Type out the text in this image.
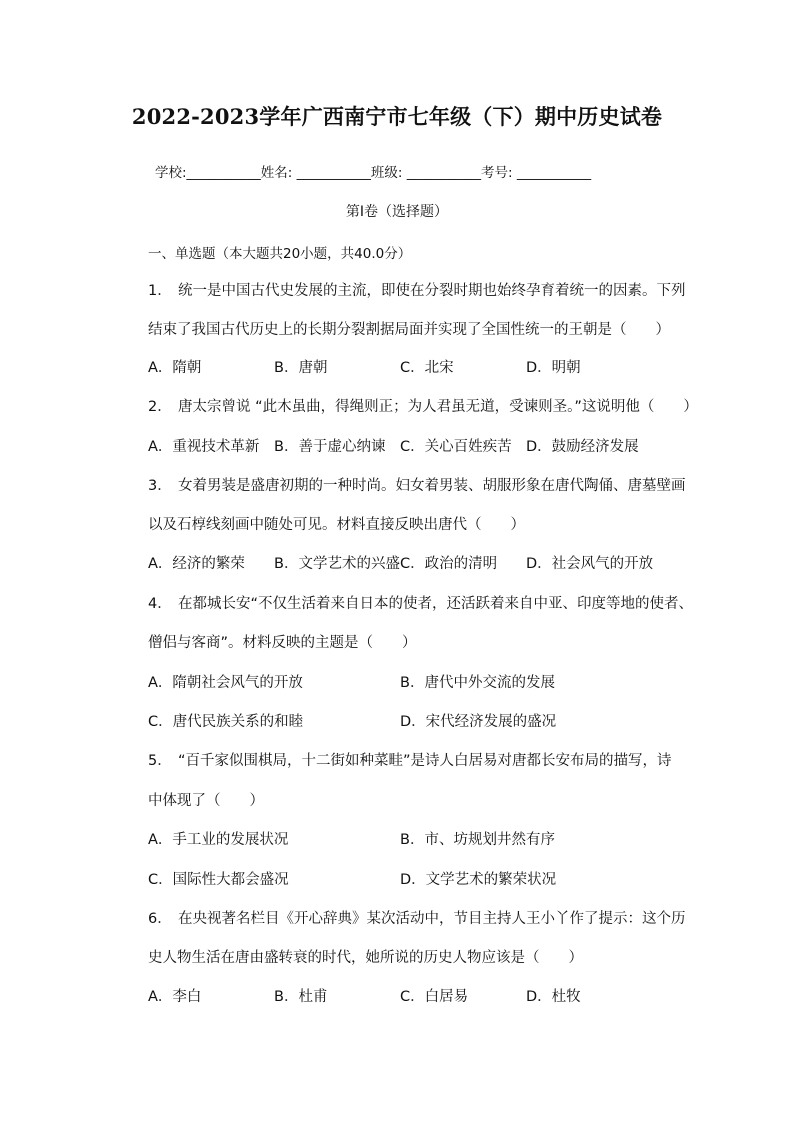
2022-2023学年广西南宁市七年级（下）期中历史试卷
学校:___________姓名: ___________班级: ___________考号: ___________
第Ⅰ卷（选择题）
一、单选题（本大题共20小题，共40.0分）
1． 统一是中国古代史发展的主流，即使在分裂时期也始终孕育着统一的因素。下列
结束了我国古代历史上的长期分裂割据局面并实现了全国性统一的王朝是（　　）
A．隋朝	B．唐朝	C．北宋	D．明朝
2． 唐太宗曾说 “此木虽曲，得绳则正；为人君虽无道，受谏则圣。”这说明他（　　）
A．重视技术革新 B．善于虚心纳谏 C．关心百姓疾苦 D．鼓励经济发展
3． 女着男装是盛唐初期的一种时尚。妇女着男装、胡服形象在唐代陶俑、唐墓壁画
以及石椁线刻画中随处可见。材料直接反映出唐代（　　）
A．经济的繁荣 B．文学艺术的兴盛 C．政治的清明 D．社会风气的开放
4． 在都城长安“不仅生活着来自日本的使者，还活跃着来自中亚、印度等地的使者、
僧侣与客商”。材料反映的主题是（　　）
A．隋朝社会风气的开放	B．唐代中外交流的发展
C．唐代民族关系的和睦	D．宋代经济发展的盛况
5． “百千家似围棋局，十二街如种菜畦”是诗人白居易对唐都长安布局的描写，诗
中体现了（　　）
A．手工业的发展状况	B．市、坊规划井然有序
C．国际性大都会盛况	D．文学艺术的繁荣状况
6． 在央视著名栏目《开心辞典》某次活动中，节目主持人王小丫作了提示：这个历
史人物生活在唐由盛转衰的时代，她所说的历史人物应该是（　　）
A．李白	B．杜甫	C．白居易	D．杜牧
